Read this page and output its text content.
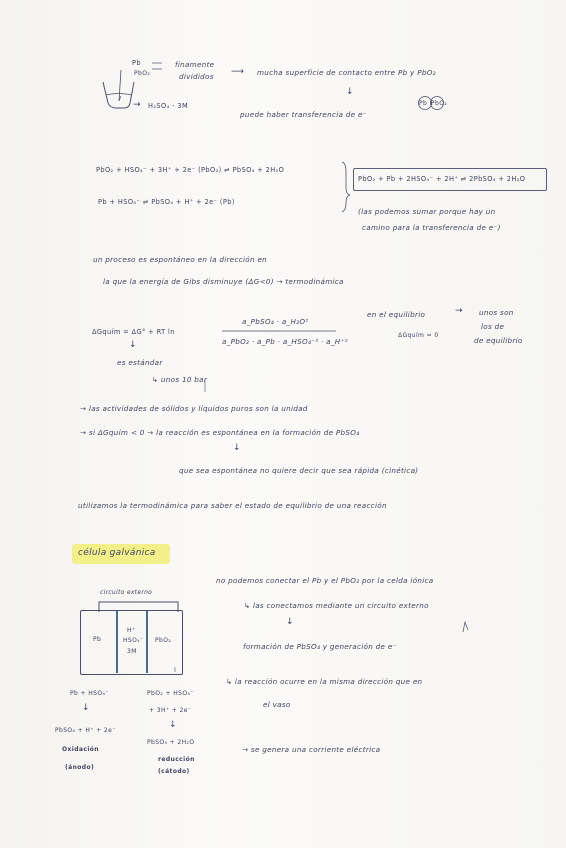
Pb
PbO₂
finamente
divididos ⟶ mucha superficie de contacto entre Pb y PbO₂
↓
→ H₂SO₄ - 3M
puede haber transferencia de e⁻
Pb PbO₂
PbO₂ + HSO₄⁻ + 3H⁺ + 2e⁻ (PbO₂) ⇌ PbSO₄ + 2H₂O
Pb + HSO₄⁻ ⇌ PbSO₄ + H⁺ + 2e⁻ (Pb)
PbO₂ + Pb + 2HSO₄⁻ + 2H⁺ ⇌ 2PbSO₄ + 2H₂O
(las podemos sumar porque hay un
camino para la transferencia de e⁻)
un proceso es espontáneo en la dirección en
la que la energía de Gibs disminuye (ΔG<0) → termodinámica
ΔGquím = ΔG° + RT ln
a_PbSO₄ · a_H₂O²
a_PbO₂ · a_Pb · a_HSO₄⁻² · a_H⁺²
↓
es estándar
↳ unos 10 bar
en el equilibrio	→
ΔGquím = 0
unos son
los de
de equilibrio
→ las actividades de sólidos y líquidos puros son la unidad
→ si ΔGquím < 0 → la reacción es espontánea en la formación de PbSO₄
↓
que sea espontánea no quiere decir que sea rápida (cinética)
utilizamos la termodinámica para saber el estado de equilibrio de una reacción
célula galvánica
circuito externo
Pb
H⁺
HSO₄⁻
3M
PbO₂
no podemos conectar el Pb y el PbO₂ por la celda iónica
↳ las conectamos mediante un circuito externo
↓
formación de PbSO₄ y generación de e⁻
↳ la reacción ocurre en la misma dirección que en
el vaso
→ se genera una corriente eléctrica
Pb + HSO₄⁻
↓
PbSO₄ + H⁺ + 2e⁻
Oxidación
(ánodo)
PbO₂ + HSO₄⁻
+ 3H⁺ + 2e⁻
↓
PbSO₄ + 2H₂O
reducción
(cátodo)
